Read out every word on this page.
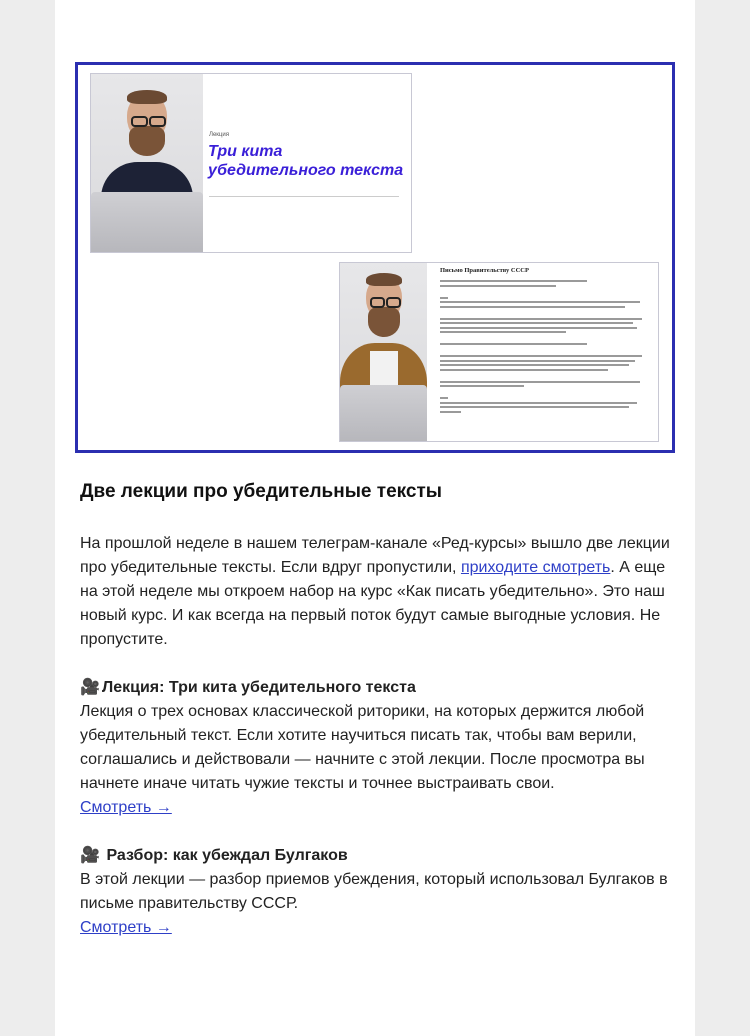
Лекция
Три кита убедительного текста
Письмо Правительству СССР
Две лекции про убедительные тексты

На прошлой неделе в нашем телеграм-канале «Ред-курсы» вышло две лекции про убедительные тексты. Если вдруг пропустили, приходите смотреть. А еще на этой неделе мы откроем набор на курс «Как писать убедительно». Это наш новый курс. И как всегда на первый поток будут самые выгодные условия. Не пропустите.

🎥 Лекция: Три кита убедительного текста

Лекция о трех основах классической риторики, на которых держится любой убедительный текст. Если хотите научиться писать так, чтобы вам верили, соглашались и действовали — начните с этой лекции. После просмотра вы начнете иначе читать чужие тексты и точнее выстраивать свои.

Смотреть →

🎥 Разбор: как убеждал Булгаков

В этой лекции — разбор приемов убеждения, который использовал Булгаков в письме правительству СССР.

Смотреть →
